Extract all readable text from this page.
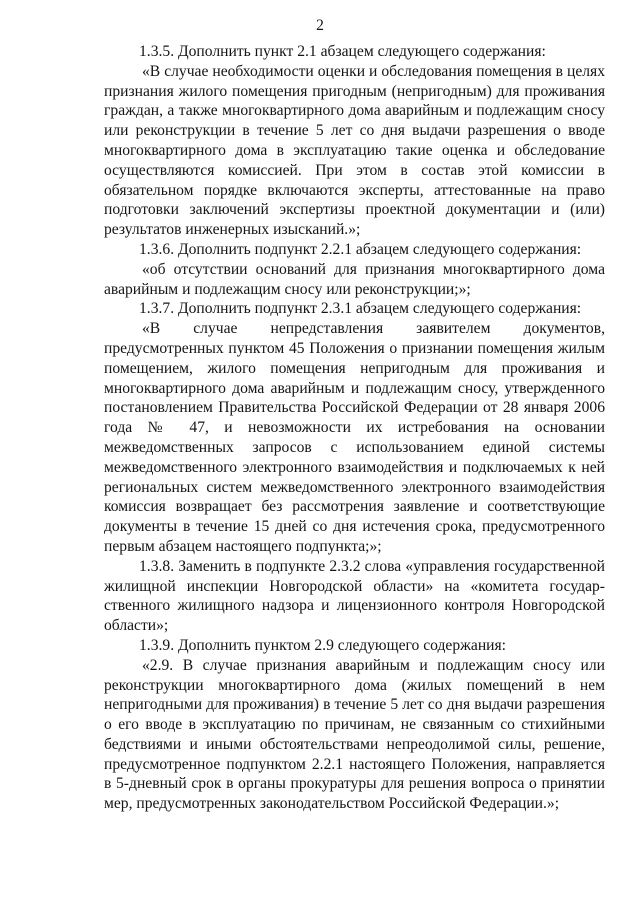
2

1.3.5. Дополнить пункт 2.1 абзацем следующего содержания:

«В случае необходимости оценки и обследования помещения в целях признания жилого помещения пригодным (непригодным) для проживания граждан, а также многоквартирного дома аварийным и подлежащим сносу или реконструкции в течение 5 лет со дня выдачи разрешения о вводе многоквартирного дома в эксплуатацию такие оценка и обследование осуществляются комиссией. При этом в состав этой комиссии в обязательном порядке включаются эксперты, аттестованные на право подготовки заключений экспертизы проектной документации и (или) результатов инженерных изысканий.»;

1.3.6. Дополнить подпункт 2.2.1 абзацем следующего содержания:

«об отсутствии оснований для признания многоквартирного дома аварийным и подлежащим сносу или реконструкции;»;

1.3.7. Дополнить подпункт 2.3.1 абзацем следующего содержания:

«В случае непредставления заявителем документов, предусмотренных пунктом 45 Положения о признании помещения жилым помещением, жилого помещения непригодным для проживания и многоквартирного дома аварийным и подлежащим сносу, утвержденного постановлением Правительства Российской Федерации от 28 января 2006 года № 47, и невозможности их истребования на основании межведомственных запросов с использованием единой системы межведомственного электронного взаимодействия и подключаемых к ней региональных систем межведомственного электронного взаимодействия комиссия возвращает без рассмотрения заявление и соответствующие документы в течение 15 дней со дня истечения срока, предусмотренного первым абзацем настоящего подпункта;»;

1.3.8. Заменить в подпункте 2.3.2 слова «управления государственной жилищной инспекции Новгородской области» на «комитета государственного жилищного надзора и лицензионного контроля Новгородской области»;

1.3.9. Дополнить пунктом 2.9 следующего содержания:

«2.9. В случае признания аварийным и подлежащим сносу или реконструкции многоквартирного дома (жилых помещений в нем непригодными для проживания) в течение 5 лет со дня выдачи разрешения о его вводе в эксплуатацию по причинам, не связанным со стихийными бедствиями и иными обстоятельствами непреодолимой силы, решение, предусмотренное подпунктом 2.2.1 настоящего Положения, направляется в 5-дневный срок в органы прокуратуры для решения вопроса о принятии мер, предусмотренных законодательством Российской Федерации.»;
